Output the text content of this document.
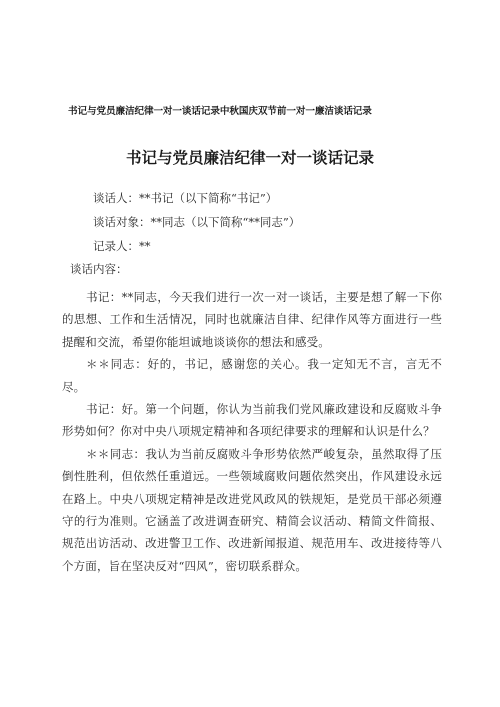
书记与党员廉洁纪律一对一谈话记录中秋国庆双节前一对一廉洁谈话记录
书记与党员廉洁纪律一对一谈话记录
谈话人：**书记（以下简称“书记”）
谈话对象：**同志（以下简称“**同志”）
记录人：**
谈话内容：

书记：**同志，今天我们进行一次一对一谈话，主要是想了解一下你的思想、工作和生活情况，同时也就廉洁自律、纪律作风等方面进行一些提醒和交流，希望你能坦诚地谈谈你的想法和感受。

＊＊同志：好的，书记，感谢您的关心。我一定知无不言，言无不尽。

书记：好。第一个问题，你认为当前我们党风廉政建设和反腐败斗争形势如何？你对中央八项规定精神和各项纪律要求的理解和认识是什么？

＊＊同志：我认为当前反腐败斗争形势依然严峻复杂，虽然取得了压倒性胜利，但依然任重道远。一些领域腐败问题依然突出，作风建设永远在路上。中央八项规定精神是改进党风政风的铁规矩，是党员干部必须遵守的行为准则。它涵盖了改进调查研究、精简会议活动、精简文件简报、规范出访活动、改进警卫工作、改进新闻报道、规范用车、改进接待等八个方面，旨在坚决反对“四风”，密切联系群众。
